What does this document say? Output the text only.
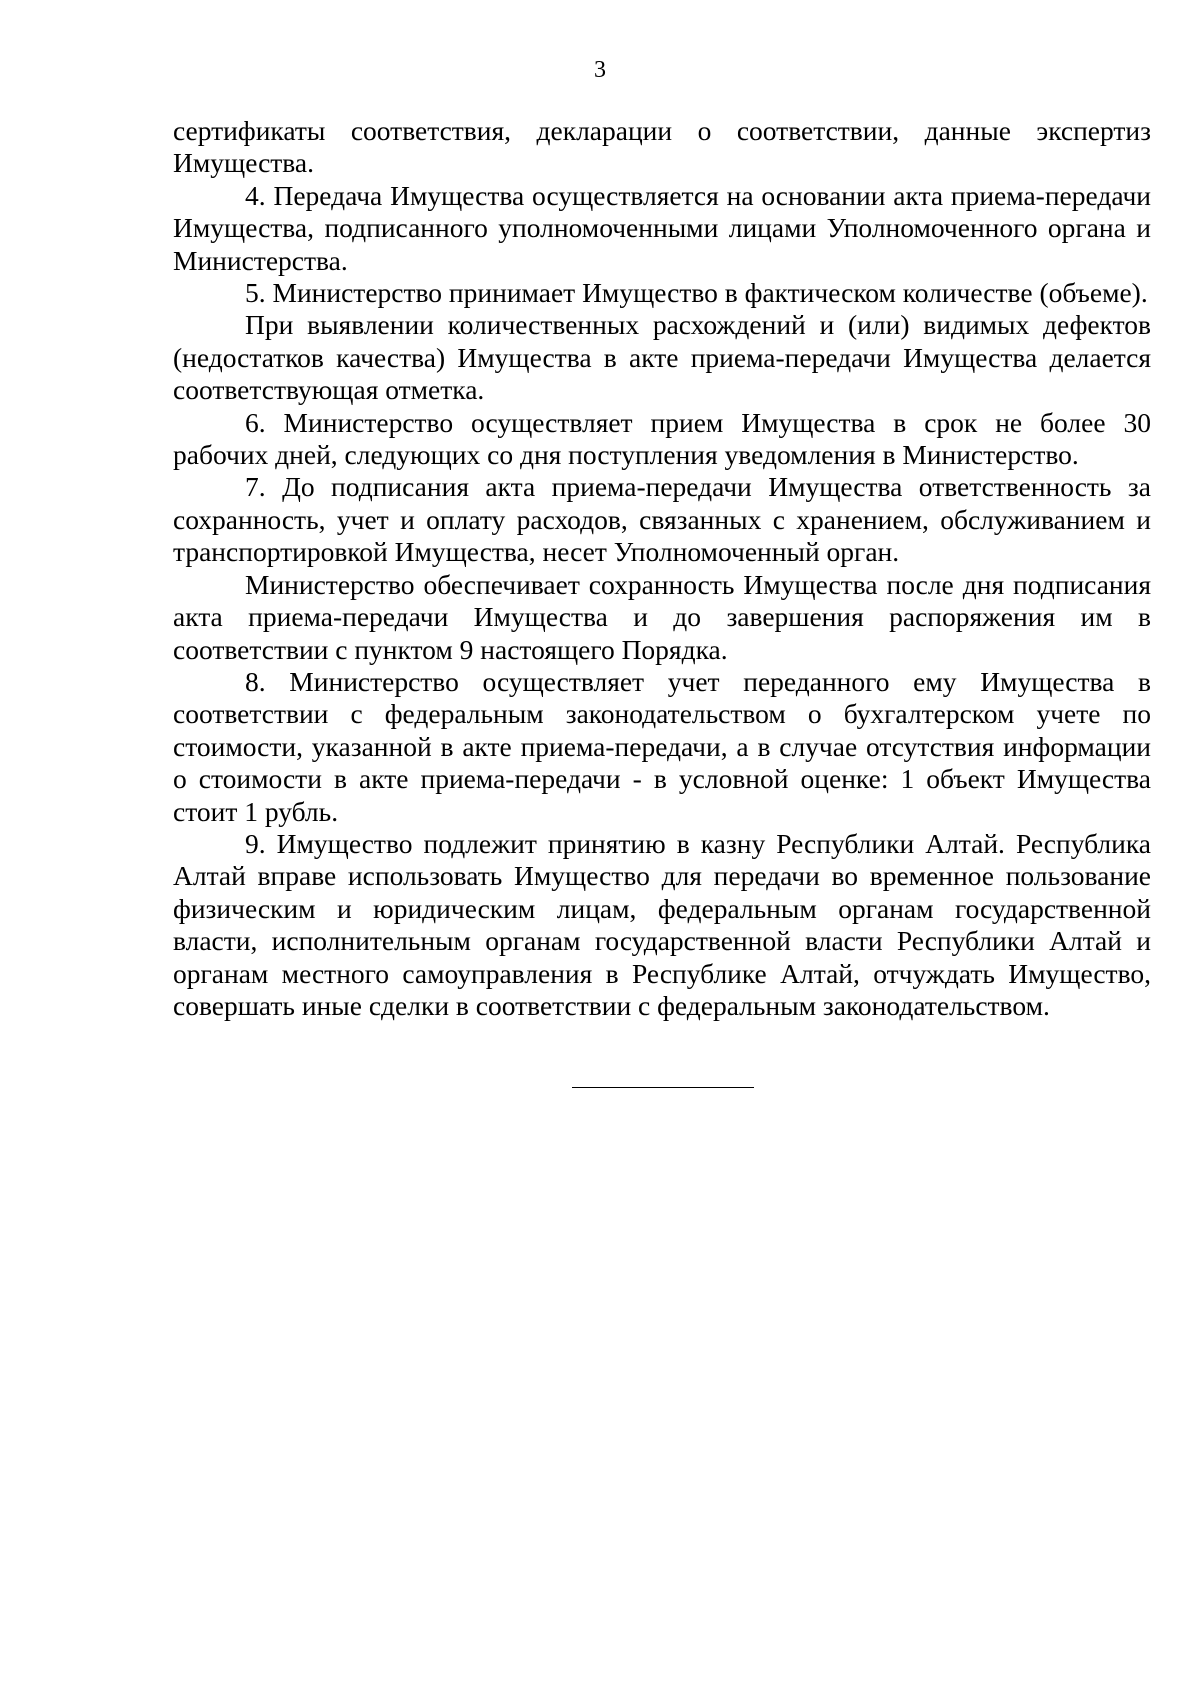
3

сертификаты соответствия, декларации о соответствии, данные экспертиз Имущества.

4. Передача Имущества осуществляется на основании акта приема-передачи Имущества, подписанного уполномоченными лицами Уполномоченного органа и Министерства.

5. Министерство принимает Имущество в фактическом количестве (объеме).

При выявлении количественных расхождений и (или) видимых дефектов (недостатков качества) Имущества в акте приема-передачи Имущества делается соответствующая отметка.

6. Министерство осуществляет прием Имущества в срок не более 30 рабочих дней, следующих со дня поступления уведомления в Министерство.

7. До подписания акта приема-передачи Имущества ответственность за сохранность, учет и оплату расходов, связанных с хранением, обслуживанием и транспортировкой Имущества, несет Уполномоченный орган.

Министерство обеспечивает сохранность Имущества после дня подписания акта приема-передачи Имущества и до завершения распоряжения им в соответствии с пунктом 9 настоящего Порядка.

8. Министерство осуществляет учет переданного ему Имущества в соответствии с федеральным законодательством о бухгалтерском учете по стоимости, указанной в акте приема-передачи, а в случае отсутствия информации о стоимости в акте приема-передачи - в условной оценке: 1 объект Имущества стоит 1 рубль.

9. Имущество подлежит принятию в казну Республики Алтай. Республика Алтай вправе использовать Имущество для передачи во временное пользование физическим и юридическим лицам, федеральным органам государственной власти, исполнительным органам государственной власти Республики Алтай и органам местного самоуправления в Республике Алтай, отчуждать Имущество, совершать иные сделки в соответствии с федеральным законодательством.
